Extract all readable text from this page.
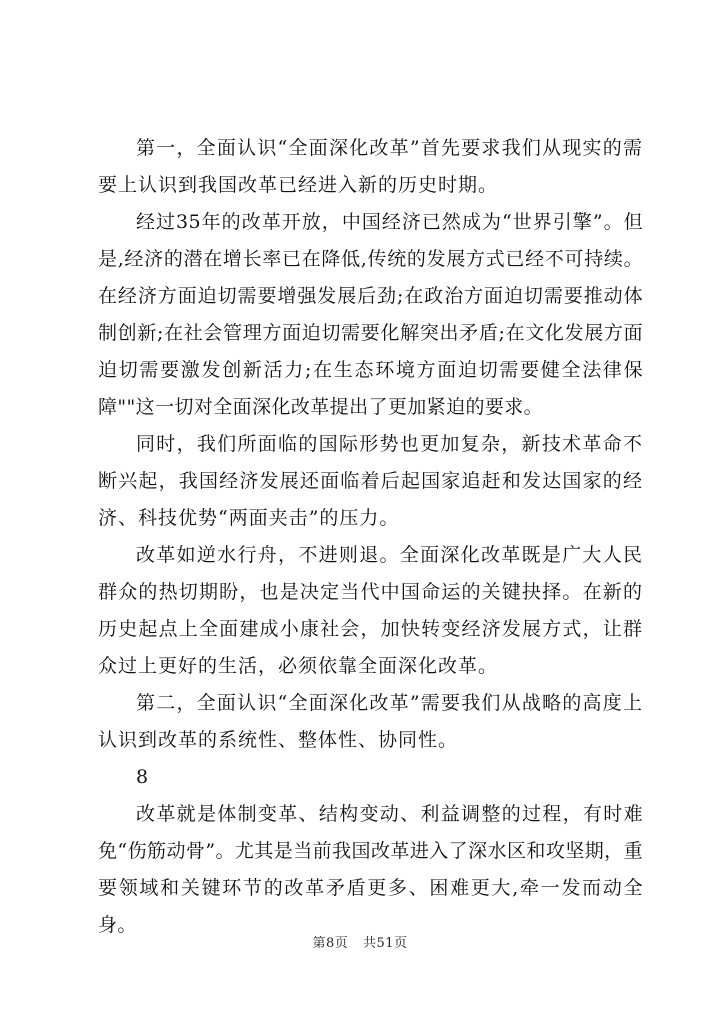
第一，全面认识“全面深化改革”首先要求我们从现实的需要上认识到我国改革已经进入新的历史时期。

经过35年的改革开放，中国经济已然成为“世界引擎”。但是,经济的潜在增长率已在降低,传统的发展方式已经不可持续。在经济方面迫切需要增强发展后劲;在政治方面迫切需要推动体制创新;在社会管理方面迫切需要化解突出矛盾;在文化发展方面迫切需要激发创新活力;在生态环境方面迫切需要健全法律保障""这一切对全面深化改革提出了更加紧迫的要求。

同时，我们所面临的国际形势也更加复杂，新技术革命不断兴起，我国经济发展还面临着后起国家追赶和发达国家的经济、科技优势“两面夹击”的压力。

改革如逆水行舟，不进则退。全面深化改革既是广大人民群众的热切期盼，也是决定当代中国命运的关键抉择。在新的历史起点上全面建成小康社会，加快转变经济发展方式，让群众过上更好的生活，必须依靠全面深化改革。

第二，全面认识“全面深化改革”需要我们从战略的高度上认识到改革的系统性、整体性、协同性。

8

改革就是体制变革、结构变动、利益调整的过程，有时难免“伤筋动骨”。尤其是当前我国改革进入了深水区和攻坚期，重要领域和关键环节的改革矛盾更多、困难更大,牵一发而动全身。

第8页 共51页
